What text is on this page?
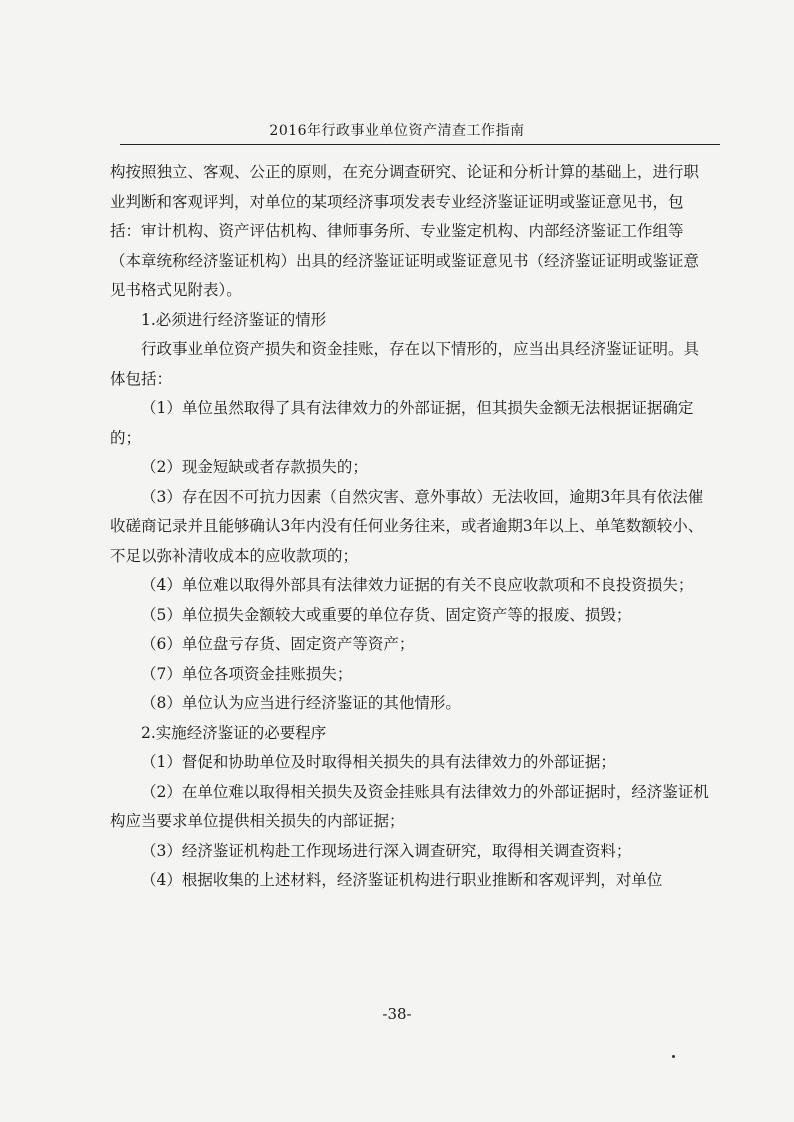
2016年行政事业单位资产清查工作指南

构按照独立、客观、公正的原则，在充分调查研究、论证和分析计算的基础上，进行职业判断和客观评判，对单位的某项经济事项发表专业经济鉴证证明或鉴证意见书，包括：审计机构、资产评估机构、律师事务所、专业鉴定机构、内部经济鉴证工作组等（本章统称经济鉴证机构）出具的经济鉴证证明或鉴证意见书（经济鉴证证明或鉴证意见书格式见附表）。

1.必须进行经济鉴证的情形

行政事业单位资产损失和资金挂账，存在以下情形的，应当出具经济鉴证证明。具体包括：

（1）单位虽然取得了具有法律效力的外部证据，但其损失金额无法根据证据确定的；

（2）现金短缺或者存款损失的；

（3）存在因不可抗力因素（自然灾害、意外事故）无法收回，逾期3年具有依法催收磋商记录并且能够确认3年内没有任何业务往来，或者逾期3年以上、单笔数额较小、不足以弥补清收成本的应收款项的；

（4）单位难以取得外部具有法律效力证据的有关不良应收款项和不良投资损失；

（5）单位损失金额较大或重要的单位存货、固定资产等的报废、损毁；

（6）单位盘亏存货、固定资产等资产；

（7）单位各项资金挂账损失；

（8）单位认为应当进行经济鉴证的其他情形。

2.实施经济鉴证的必要程序

（1）督促和协助单位及时取得相关损失的具有法律效力的外部证据；

（2）在单位难以取得相关损失及资金挂账具有法律效力的外部证据时，经济鉴证机构应当要求单位提供相关损失的内部证据；

（3）经济鉴证机构赴工作现场进行深入调查研究，取得相关调查资料；

（4）根据收集的上述材料，经济鉴证机构进行职业推断和客观评判，对单位

-38-
